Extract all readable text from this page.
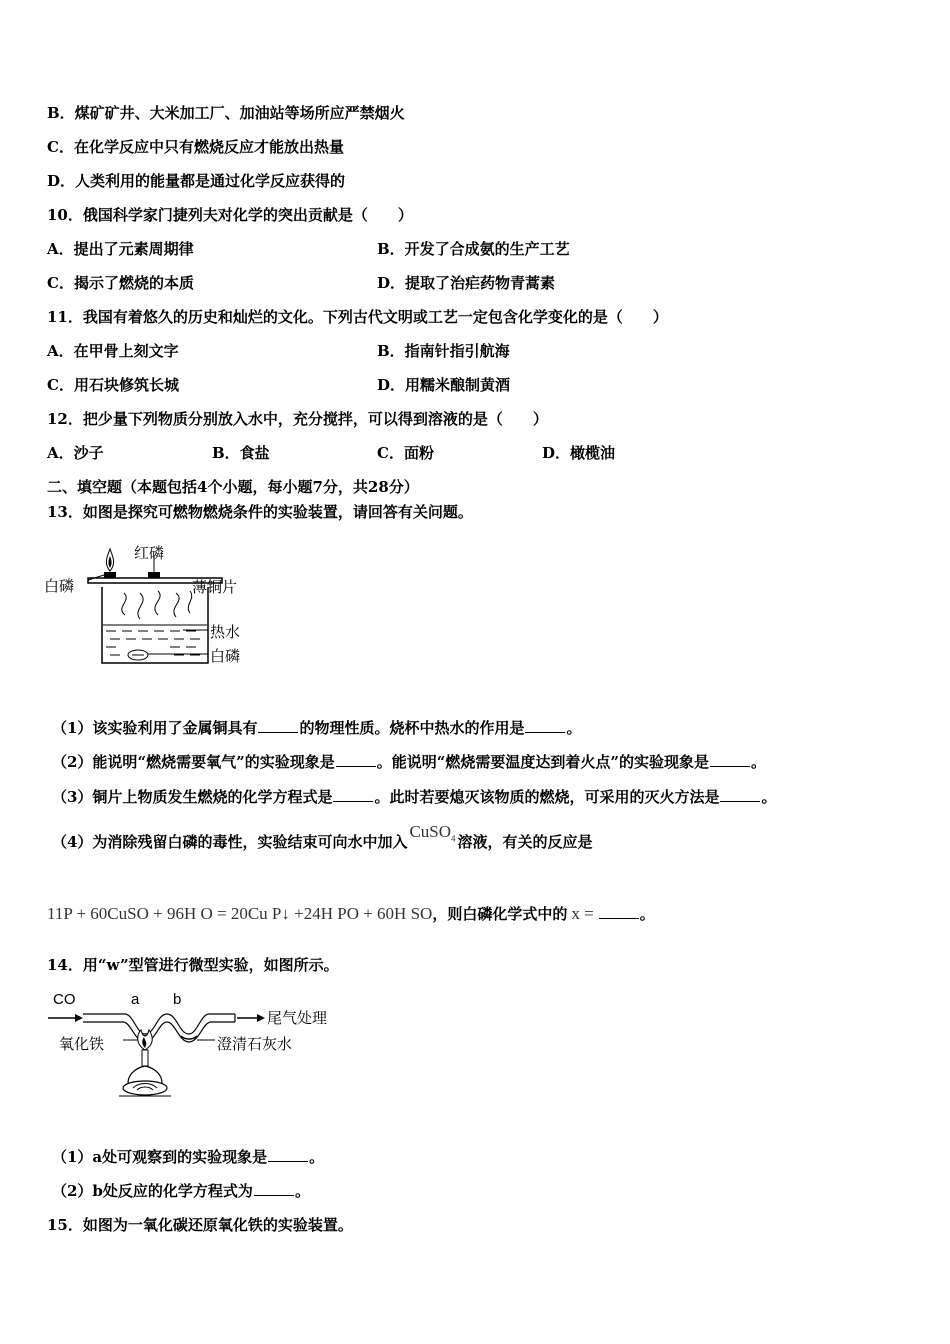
B．煤矿矿井、大米加工厂、加油站等场所应严禁烟火
C．在化学反应中只有燃烧反应才能放出热量
D．人类利用的能量都是通过化学反应获得的
10．俄国科学家门捷列夫对化学的突出贡献是（　　）
A．提出了元素周期律	B．开发了合成氨的生产工艺
C．揭示了燃烧的本质	D．提取了治疟药物青蒿素
11．我国有着悠久的历史和灿烂的文化。下列古代文明或工艺一定包含化学变化的是（　　）
A．在甲骨上刻文字	B．指南针指引航海
C．用石块修筑长城	D．用糯米酿制黄酒
12．把少量下列物质分别放入水中，充分搅拌，可以得到溶液的是（　　）
A．沙子	B．食盐	C．面粉	D．橄榄油
二、填空题（本题包括4个小题，每小题7分，共28分）
13．如图是探究可燃物燃烧条件的实验装置，请回答有关问题。
红磷
白磷	薄铜片
热水
白磷
（1）该实验利用了金属铜具有	的物理性质。烧杯中热水的作用是	。
（2）能说明“燃烧需要氧气”的实验现象是	。能说明“燃烧需要温度达到着火点”的实验现象是	。
（3）铜片上物质发生燃烧的化学方程式是	。此时若要熄灭该物质的燃烧，可采用的灭火方法是	。
（4）为消除残留白磷的毒性，实验结束可向水中加入CuSO$_4$ 溶液，有关的反应是
11P + 60CuSO + 96H O = 20Cu P↓ +24H PO + 60H SO，则白磷化学式中的 x =	。
14．用“w”型管进行微型实验，如图所示。
CO	a b
尾气处理
氧化铁	澄清石灰水
（1）a处可观察到的实验现象是	。
（2）b处反应的化学方程式为	。
15．如图为一氧化碳还原氧化铁的实验装置。
